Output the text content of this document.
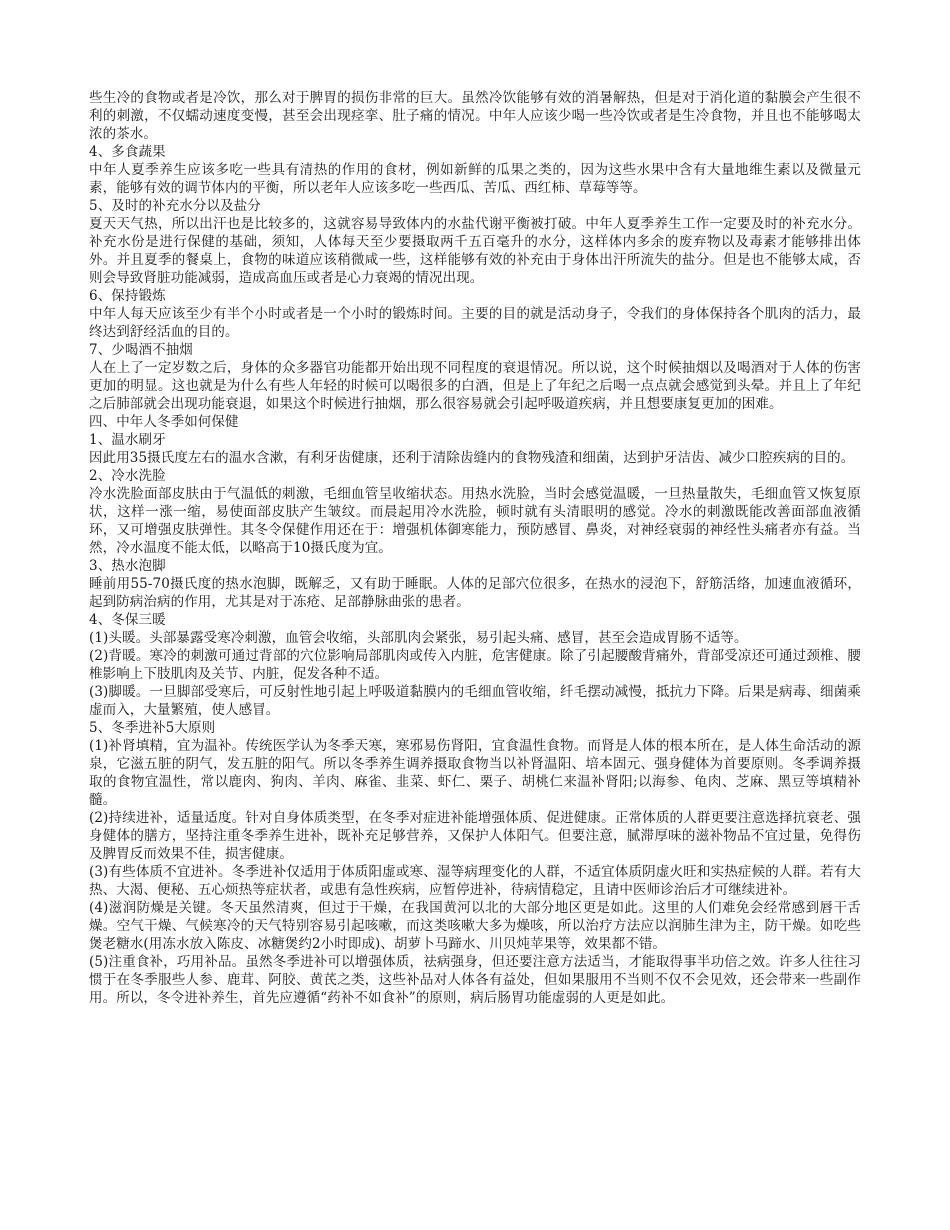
些生冷的食物或者是冷饮，那么对于脾胃的损伤非常的巨大。虽然冷饮能够有效的消暑解热，但是对于消化道的黏膜会产生很不利的刺激，不仅蠕动速度变慢，甚至会出现痉挛、肚子痛的情况。中年人应该少喝一些冷饮或者是生冷食物，并且也不能够喝太浓的茶水。

4、多食蔬果

中年人夏季养生应该多吃一些具有清热的作用的食材，例如新鲜的瓜果之类的，因为这些水果中含有大量地维生素以及微量元素，能够有效的调节体内的平衡，所以老年人应该多吃一些西瓜、苦瓜、西红柿、草莓等等。

5、及时的补充水分以及盐分

夏天天气热，所以出汗也是比较多的，这就容易导致体内的水盐代谢平衡被打破。中年人夏季养生工作一定要及时的补充水分。补充水份是进行保健的基础，须知，人体每天至少要摄取两千五百毫升的水分，这样体内多余的废弃物以及毒素才能够排出体外。并且夏季的餐桌上，食物的味道应该稍微咸一些，这样能够有效的补充由于身体出汗所流失的盐分。但是也不能够太咸，否则会导致肾脏功能减弱，造成高血压或者是心力衰竭的情况出现。

6、保持锻炼

中年人每天应该至少有半个小时或者是一个小时的锻炼时间。主要的目的就是活动身子，令我们的身体保持各个肌肉的活力，最终达到舒经活血的目的。

7、少喝酒不抽烟

人在上了一定岁数之后，身体的众多器官功能都开始出现不同程度的衰退情况。所以说，这个时候抽烟以及喝酒对于人体的伤害更加的明显。这也就是为什么有些人年轻的时候可以喝很多的白酒，但是上了年纪之后喝一点点就会感觉到头晕。并且上了年纪之后肺部就会出现功能衰退，如果这个时候进行抽烟，那么很容易就会引起呼吸道疾病，并且想要康复更加的困难。

四、中年人冬季如何保健

1、温水刷牙

因此用35摄氏度左右的温水含漱，有利牙齿健康，还利于清除齿缝内的食物残渣和细菌，达到护牙洁齿、减少口腔疾病的目的。

2、冷水洗脸

冷水洗脸面部皮肤由于气温低的刺激，毛细血管呈收缩状态。用热水洗脸，当时会感觉温暖，一旦热量散失，毛细血管又恢复原状，这样一涨一缩，易使面部皮肤产生皱纹。而晨起用冷水洗脸，顿时就有头清眼明的感觉。冷水的刺激既能改善面部血液循环，又可增强皮肤弹性。其冬令保健作用还在于：增强机体御寒能力，预防感冒、鼻炎，对神经衰弱的神经性头痛者亦有益。当然，冷水温度不能太低，以略高于10摄氏度为宜。

3、热水泡脚

睡前用55-70摄氏度的热水泡脚，既解乏，又有助于睡眠。人体的足部穴位很多，在热水的浸泡下，舒筋活络，加速血液循环，起到防病治病的作用，尤其是对于冻疮、足部静脉曲张的患者。

4、冬保三暖

(1)头暖。头部暴露受寒冷刺激，血管会收缩，头部肌肉会紧张，易引起头痛、感冒，甚至会造成胃肠不适等。

(2)背暖。寒冷的刺激可通过背部的穴位影响局部肌肉或传入内脏，危害健康。除了引起腰酸背痛外，背部受凉还可通过颈椎、腰椎影响上下肢肌肉及关节、内脏，促发各种不适。

(3)脚暖。一旦脚部受寒后，可反射性地引起上呼吸道黏膜内的毛细血管收缩，纤毛摆动减慢，抵抗力下降。后果是病毒、细菌乘虚而入，大量繁殖，使人感冒。

5、冬季进补5大原则

(1)补肾填精，宜为温补。传统医学认为冬季天寒，寒邪易伤肾阳，宜食温性食物。而肾是人体的根本所在，是人体生命活动的源泉，它滋五脏的阴气，发五脏的阳气。所以冬季养生调养摄取食物当以补肾温阳、培本固元、强身健体为首要原则。冬季调养摄取的食物宜温性，常以鹿肉、狗肉、羊肉、麻雀、韭菜、虾仁、栗子、胡桃仁来温补肾阳;以海参、龟肉、芝麻、黑豆等填精补髓。

(2)持续进补，适量适度。针对自身体质类型，在冬季对症进补能增强体质、促进健康。正常体质的人群更要注意选择抗衰老、强身健体的膳方，坚持注重冬季养生进补，既补充足够营养，又保护人体阳气。但要注意，腻滞厚味的滋补物品不宜过量，免得伤及脾胃反而效果不佳，损害健康。

(3)有些体质不宜进补。冬季进补仅适用于体质阳虚或寒、湿等病理变化的人群，不适宜体质阴虚火旺和实热症候的人群。若有大热、大渴、便秘、五心烦热等症状者，或患有急性疾病，应暂停进补，待病情稳定，且请中医师诊治后才可继续进补。

(4)滋润防燥是关键。冬天虽然清爽，但过于干燥，在我国黄河以北的大部分地区更是如此。这里的人们难免会经常感到唇干舌燥。空气干燥、气候寒冷的天气特别容易引起咳嗽，而这类咳嗽大多为燥咳，所以治疗方法应以润肺生津为主，防干燥。如吃些煲老糖水(用冻水放入陈皮、冰糖煲约2小时即成)、胡萝卜马蹄水、川贝炖苹果等，效果都不错。

(5)注重食补，巧用补品。虽然冬季进补可以增强体质，祛病强身，但还要注意方法适当，才能取得事半功倍之效。许多人往往习惯于在冬季服些人参、鹿茸、阿胶、黄芪之类，这些补品对人体各有益处，但如果服用不当则不仅不会见效，还会带来一些副作用。所以，冬令进补养生，首先应遵循“药补不如食补”的原则，病后肠胃功能虚弱的人更是如此。
